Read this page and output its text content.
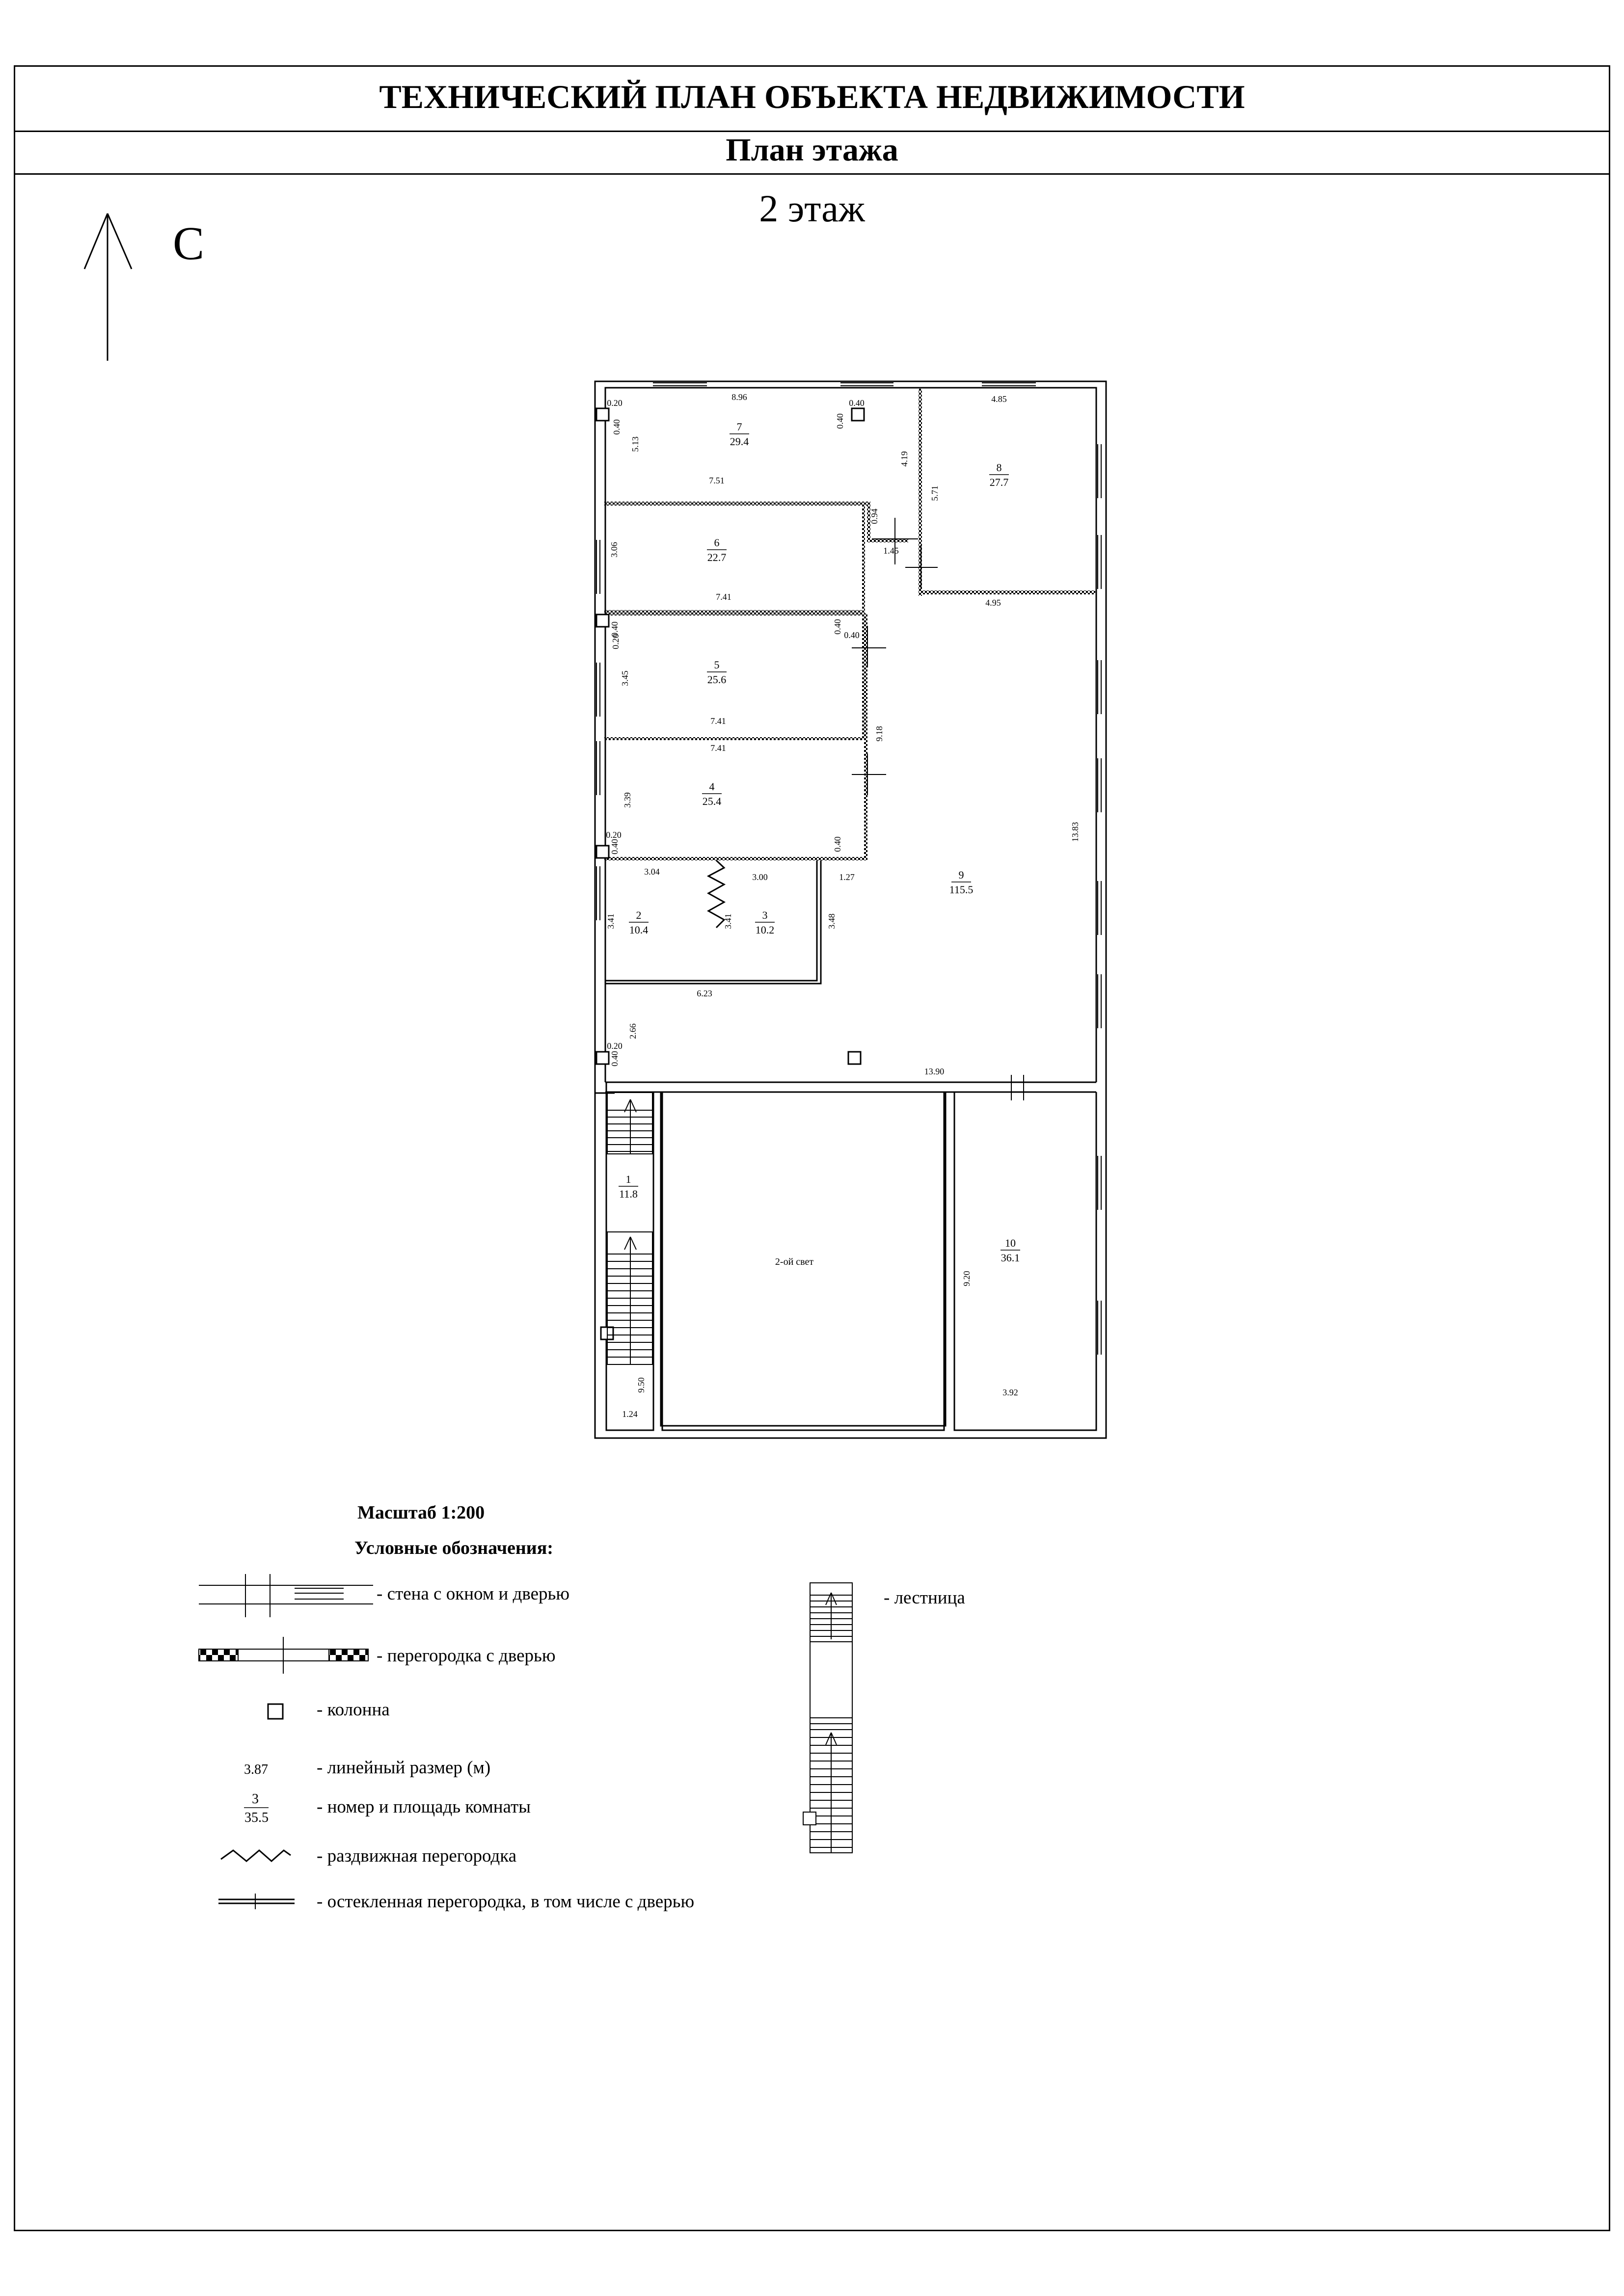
ТЕХНИЧЕСКИЙ ПЛАН ОБЪЕКТА НЕДВИЖИМОСТИ
План этажа
2 этаж
С
1
11.8
2
10.4
3
10.2
4
25.4
5
25.6
6
22.7
7
29.4
8
27.7
9
115.5
10
36.1
2-ой свет
8.96	4.85
0.20
0.40
0.40
0.40
5.13
7.51
4.19
5.71
4.95
0.94
1.45
3.06
7.41
0.40
0.20
0.40
0.40
3.45
7.41
9.18
7.41
3.39
0.20
0.40	0.40
3.04
3.00	1.27
3.41	3.41	3.48
6.23
13.83
2.66
0.20
0.40
13.90
9.50
1.24
9.20
3.92
Масштаб 1:200
Условные обозначения:
- стена с окном и дверью
- перегородка с дверью
- колонна
3.87	- линейный размер (м)
3
35.5
- номер и площадь комнаты
- раздвижная перегородка
- остекленная перегородка, в том числе с дверью
- лестница
